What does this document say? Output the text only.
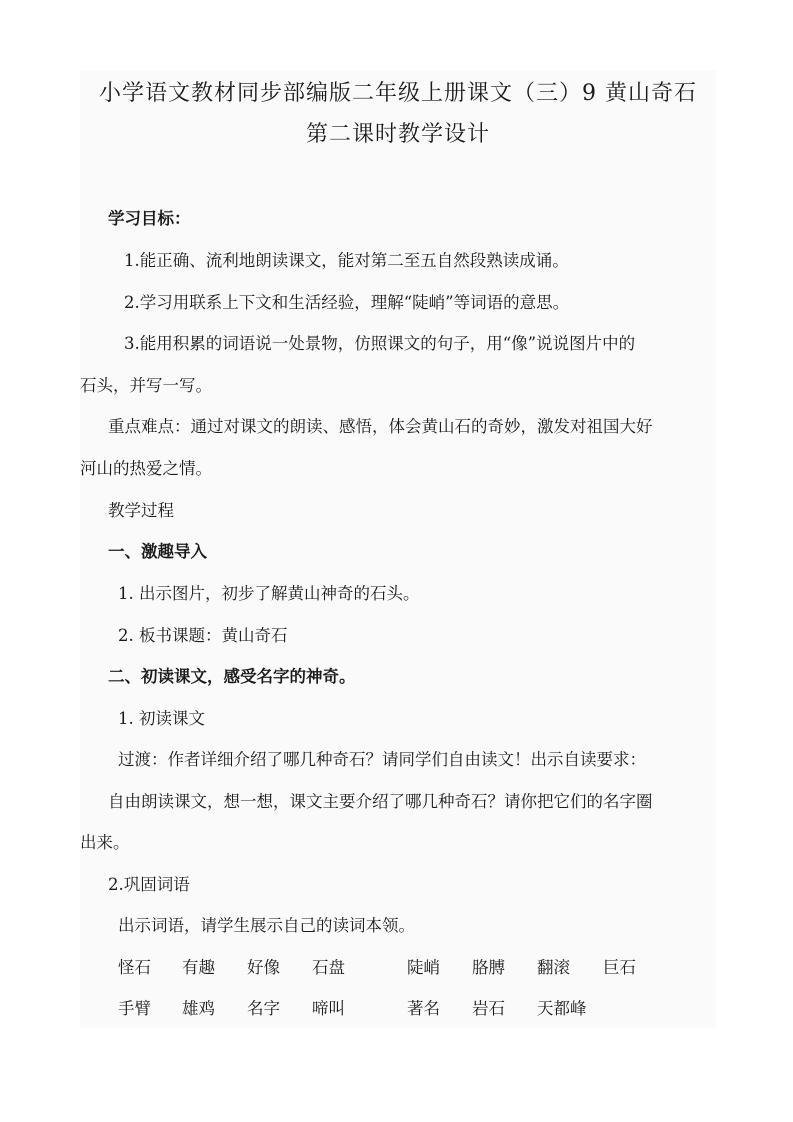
小学语文教材同步部编版二年级上册课文（三）9 黄山奇石
第二课时教学设计
学习目标：
1.能正确、流利地朗读课文，能对第二至五自然段熟读成诵。
2.学习用联系上下文和生活经验，理解“陡峭”等词语的意思。
3.能用积累的词语说一处景物，仿照课文的句子，用“像”说说图片中的
石头，并写一写。
重点难点：通过对课文的朗读、感悟，体会黄山石的奇妙，激发对祖国大好
河山的热爱之情。
教学过程
一、激趣导入
1. 出示图片，初步了解黄山神奇的石头。
2. 板书课题：黄山奇石
二、初读课文，感受名字的神奇。
1. 初读课文
过渡：作者详细介绍了哪几种奇石？请同学们自由读文！出示自读要求：
自由朗读课文，想一想，课文主要介绍了哪几种奇石？请你把它们的名字圈
出来。
2.巩固词语
出示词语，请学生展示自己的读词本领。
怪石 有趣 好像 石盘	陡峭 胳膊 翻滚 巨石
手臂 雄鸡 名字 啼叫	著名 岩石 天都峰
